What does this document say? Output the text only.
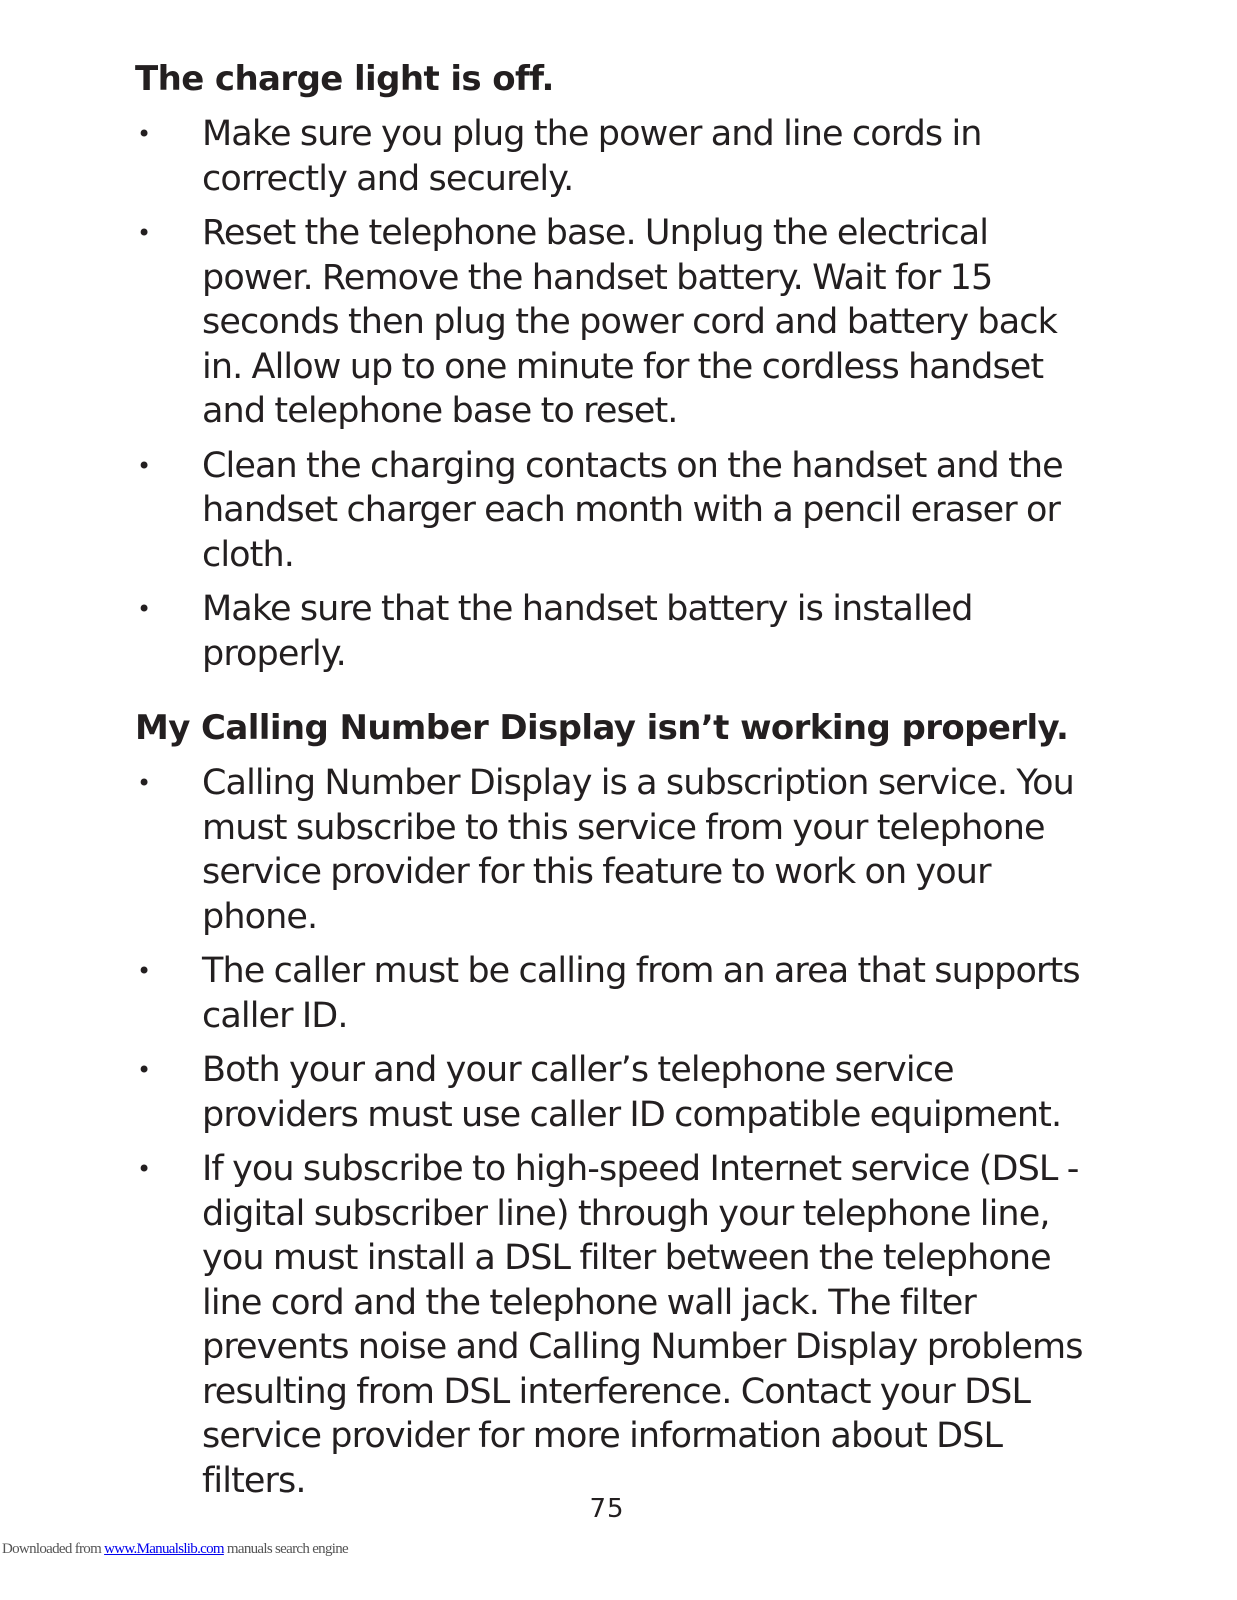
The charge light is off.
• Make sure you plug the power and line cords in correctly and securely.
• Reset the telephone base. Unplug the electrical power. Remove the handset battery. Wait for 15 seconds then plug the power cord and battery back in. Allow up to one minute for the cordless handset and telephone base to reset.
• Clean the charging contacts on the handset and the handset charger each month with a pencil eraser or cloth.
• Make sure that the handset battery is installed properly.
My Calling Number Display isn’t working properly.
• Calling Number Display is a subscription service. You must subscribe to this service from your telephone service provider for this feature to work on your phone.
• The caller must be calling from an area that supports caller ID.
• Both your and your caller’s telephone service providers must use caller ID compatible equipment.
• If you subscribe to high-speed Internet service (DSL - digital subscriber line) through your telephone line, you must install a DSL filter between the telephone line cord and the telephone wall jack. The filter prevents noise and Calling Number Display problems resulting from DSL interference. Contact your DSL service provider for more information about DSL filters.
75
Downloaded from www.Manualslib.com manuals search engine
